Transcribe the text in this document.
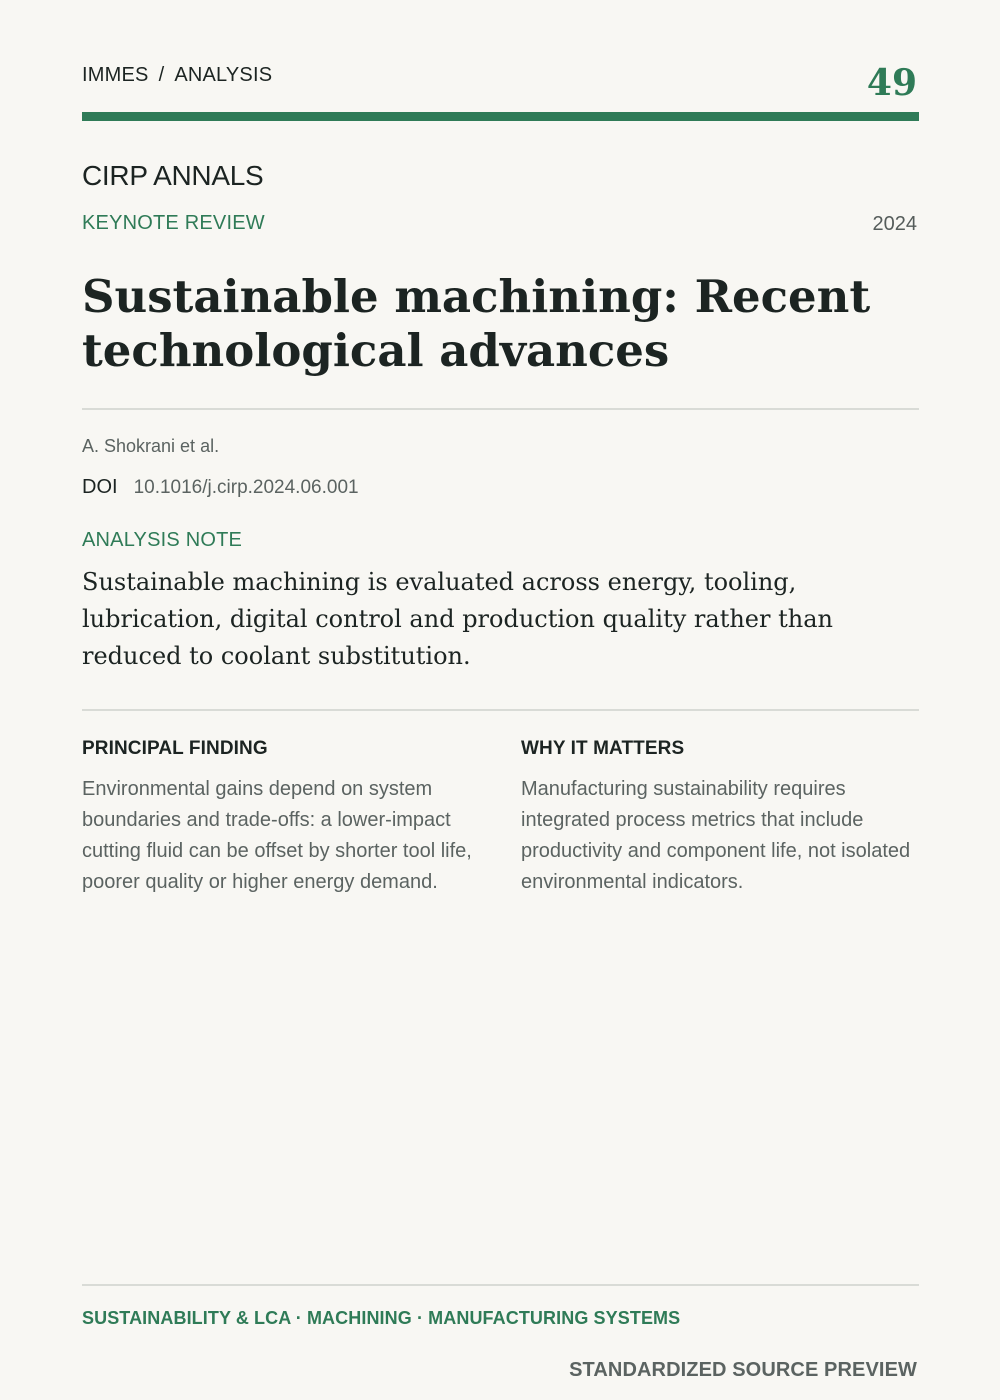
IMMES / ANALYSIS	49
CIRP ANNALS
KEYNOTE REVIEW	2024
Sustainable machining: Recent technological advances
A. Shokrani et al.
DOI 10.1016/j.cirp.2024.06.001
ANALYSIS NOTE

Sustainable machining is evaluated across energy, tooling, lubrication, digital control and production quality rather than reduced to coolant substitution.

PRINCIPAL FINDING

Environmental gains depend on system boundaries and trade-offs: a lower-impact cutting fluid can be offset by shorter tool life, poorer quality or higher energy demand.

WHY IT MATTERS

Manufacturing sustainability requires integrated process metrics that include productivity and component life, not isolated environmental indicators.

SUSTAINABILITY & LCA · MACHINING · MANUFACTURING SYSTEMS
STANDARDIZED SOURCE PREVIEW
